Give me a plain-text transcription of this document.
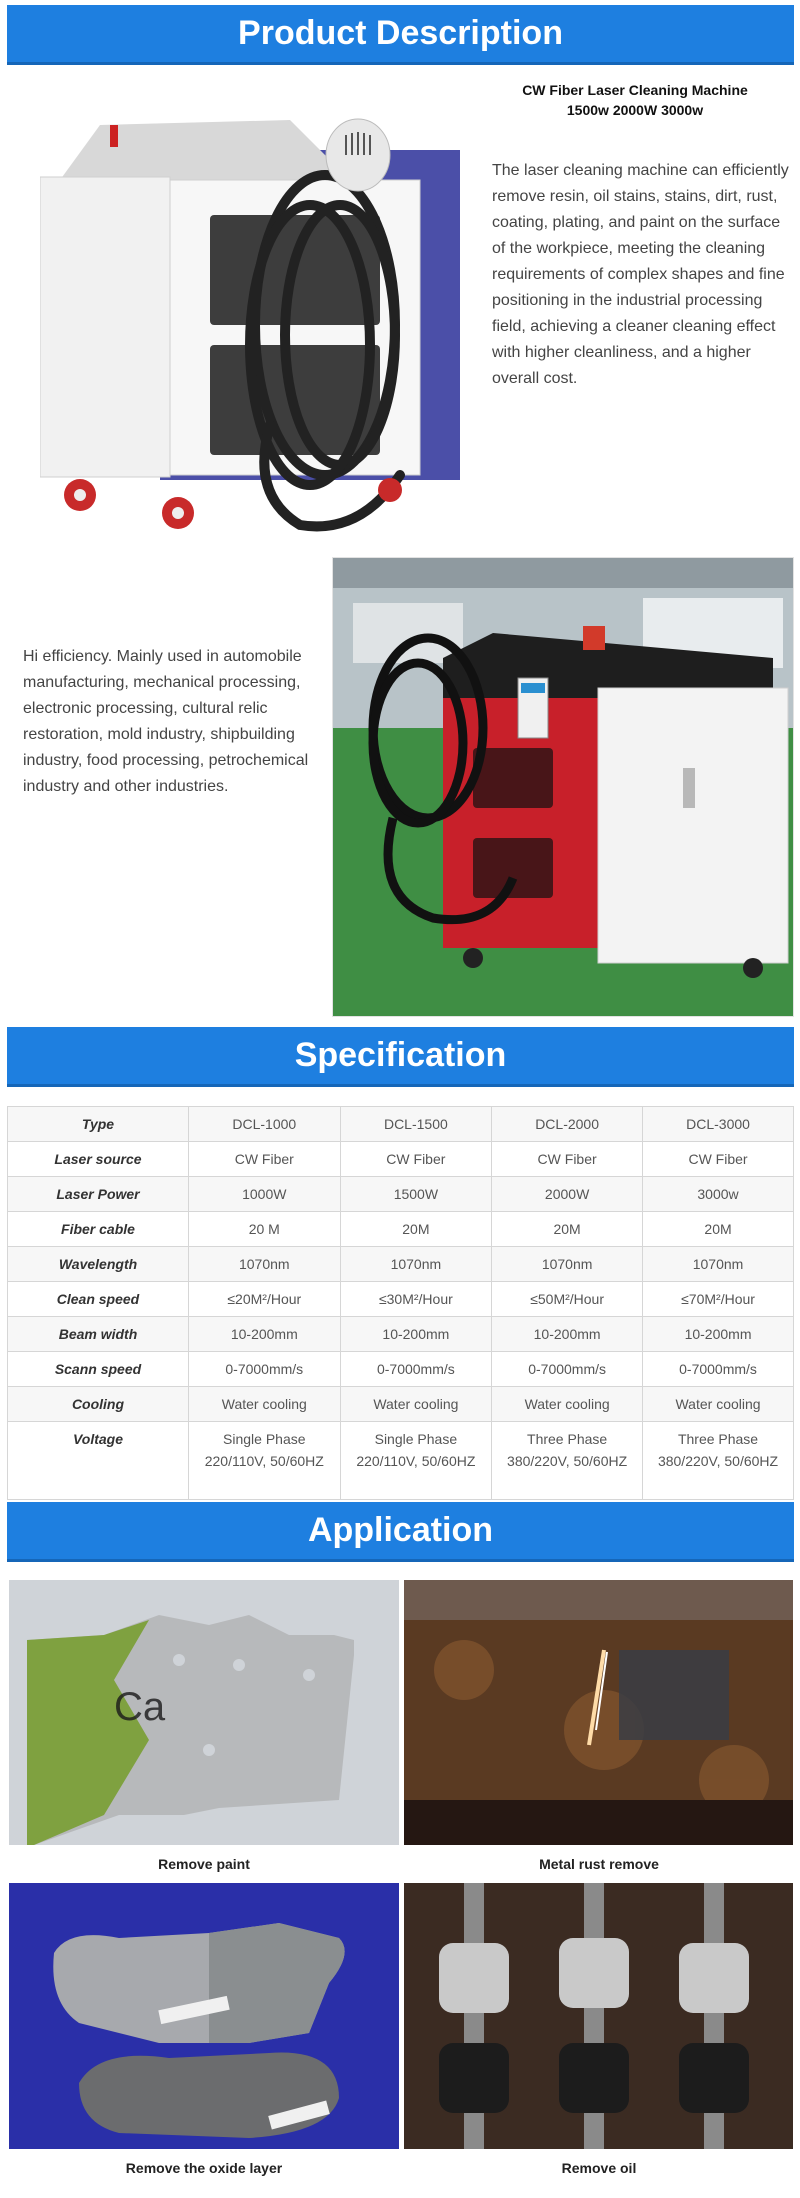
Product Description
CW Fiber Laser Cleaning Machine
1500w 2000W 3000w

The laser cleaning machine can efficiently remove resin, oil stains, stains, dirt, rust, coating, plating, and paint on the surface of the workpiece, meeting the cleaning requirements of complex shapes and fine positioning in the industrial processing field, achieving a cleaner cleaning effect with higher cleanliness, and a higher overall cost.

Hi efficiency. Mainly used in automobile manufacturing, mechanical processing, electronic processing, cultural relic restoration, mold industry, shipbuilding industry, food processing, petrochemical industry and other industries.

Specification
Type	DCL-1000	DCL-1500	DCL-2000	DCL-3000
Laser source	CW Fiber	CW Fiber	CW Fiber	CW Fiber
Laser Power	1000W	1500W	2000W	3000w
Fiber cable	20 M	20M	20M	20M
Wavelength	1070nm	1070nm	1070nm	1070nm
Clean speed	≤20M²/Hour	≤30M²/Hour	≤50M²/Hour	≤70M²/Hour
Beam width	10-200mm	10-200mm	10-200mm	10-200mm
Scann speed	0-7000mm/s	0-7000mm/s	0-7000mm/s	0-7000mm/s
Cooling	Water cooling	Water cooling	Water cooling	Water cooling
Voltage	Single Phase 220/110V, 50/60HZ	Single Phase 220/110V, 50/60HZ	Three Phase 380/220V, 50/60HZ	Three Phase 380/220V, 50/60HZ
Application
Ca
Remove paint	Metal rust remove
Remove the oxide layer	Remove oil
